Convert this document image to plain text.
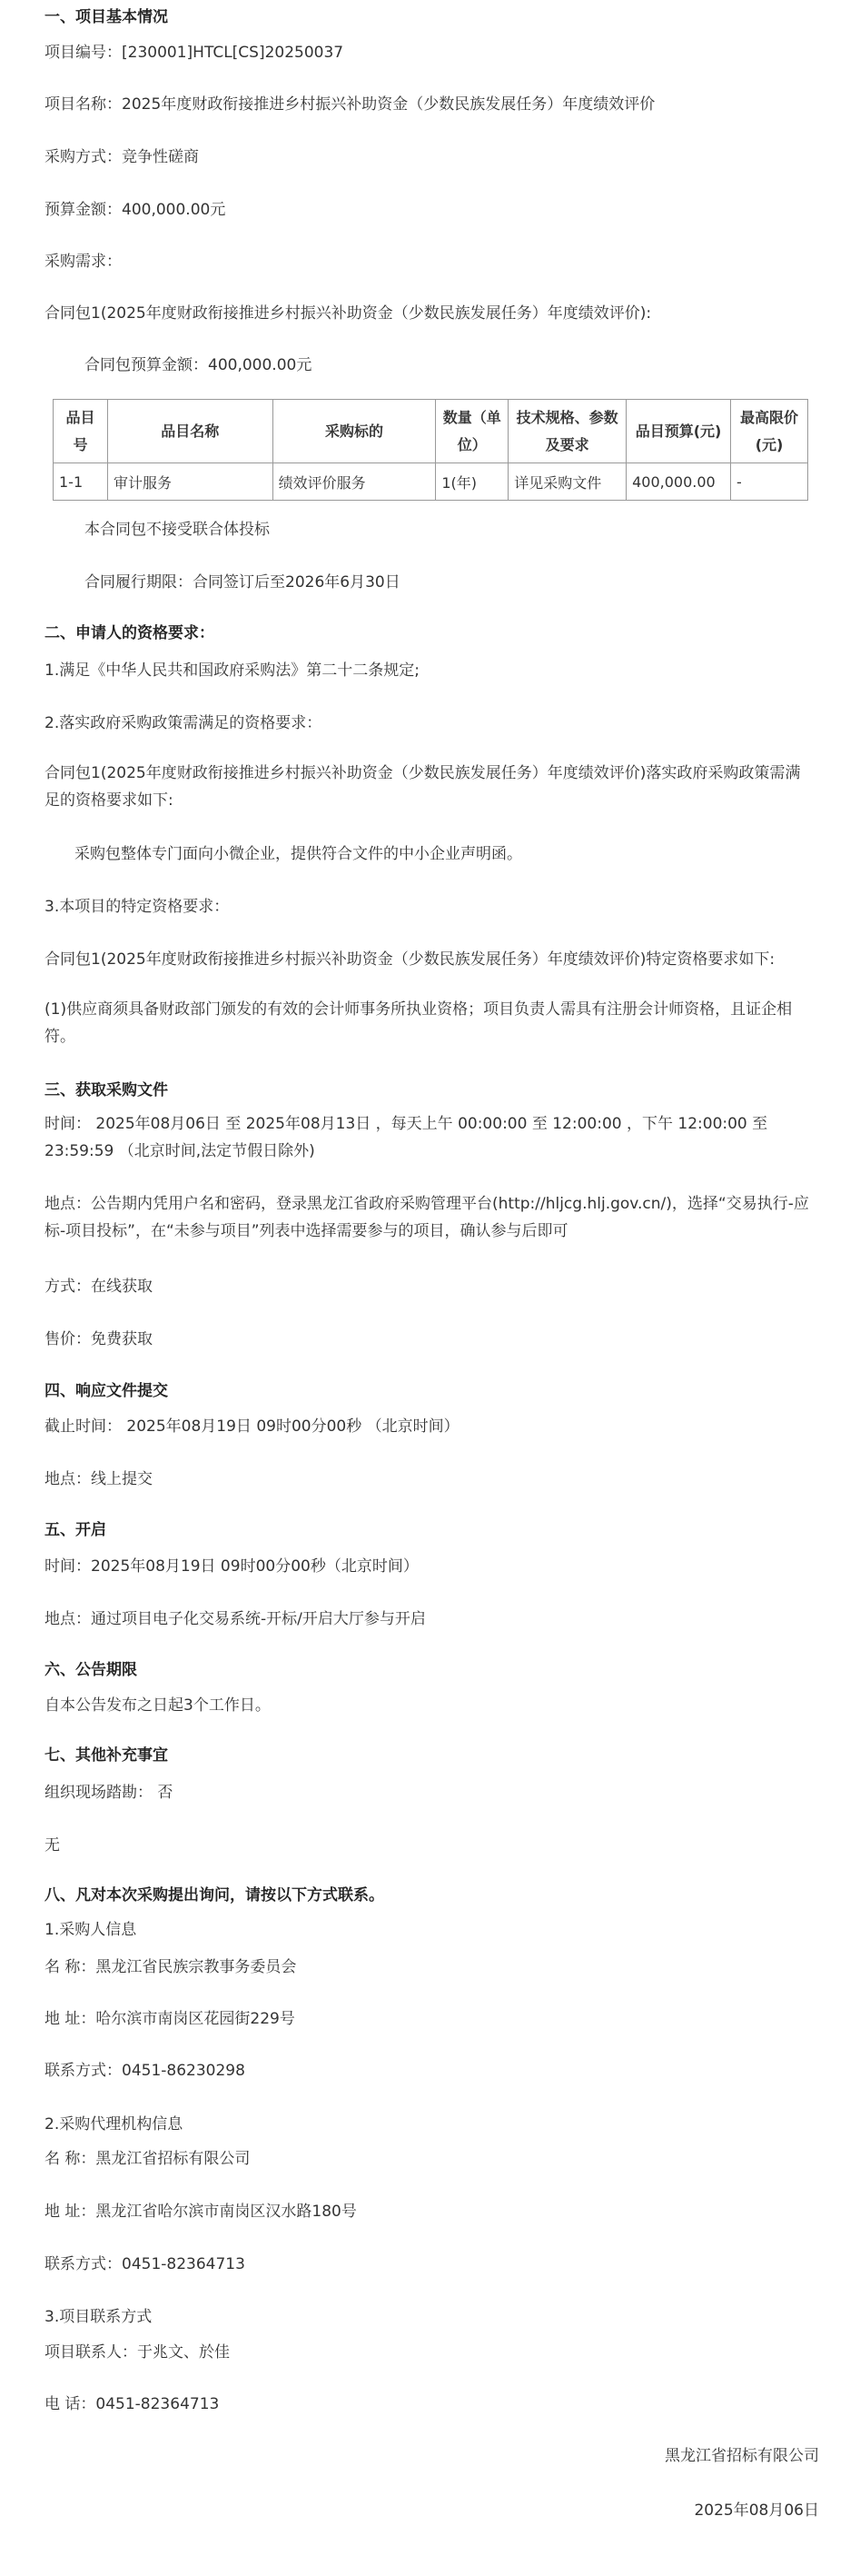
一、项目基本情况
项目编号：[230001]HTCL[CS]20250037
项目名称：2025年度财政衔接推进乡村振兴补助资金（少数民族发展任务）年度绩效评价
采购方式：竞争性磋商
预算金额：400,000.00元
采购需求：
合同包1(2025年度财政衔接推进乡村振兴补助资金（少数民族发展任务）年度绩效评价):
合同包预算金额：400,000.00元
品目号	品目名称	采购标的	数量（单位）	技术规格、参数及要求	品目预算(元)	最高限价(元)
1-1	审计服务	绩效评价服务	1(年)	详见采购文件	400,000.00	-
本合同包不接受联合体投标
合同履行期限：合同签订后至2026年6月30日
二、申请人的资格要求：
1.满足《中华人民共和国政府采购法》第二十二条规定;
2.落实政府采购政策需满足的资格要求：
合同包1(2025年度财政衔接推进乡村振兴补助资金（少数民族发展任务）年度绩效评价)落实政府采购政策需满足的资格要求如下:
采购包整体专门面向小微企业，提供符合文件的中小企业声明函。
3.本项目的特定资格要求：
合同包1(2025年度财政衔接推进乡村振兴补助资金（少数民族发展任务）年度绩效评价)特定资格要求如下:
(1)供应商须具备财政部门颁发的有效的会计师事务所执业资格；项目负责人需具有注册会计师资格，且证企相符。
三、获取采购文件
时间： 2025年08月06日 至 2025年08月13日 ，每天上午 00:00:00 至 12:00:00 ，下午 12:00:00 至 23:59:59 （北京时间,法定节假日除外)
地点：公告期内凭用户名和密码，登录黑龙江省政府采购管理平台(http://hljcg.hlj.gov.cn/)，选择“交易执行-应标-项目投标”，在“未参与项目”列表中选择需要参与的项目，确认参与后即可
方式：在线获取
售价：免费获取
四、响应文件提交
截止时间： 2025年08月19日 09时00分00秒 （北京时间）
地点：线上提交
五、开启
时间：2025年08月19日 09时00分00秒（北京时间）
地点：通过项目电子化交易系统-开标/开启大厅参与开启
六、公告期限
自本公告发布之日起3个工作日。
七、其他补充事宜
组织现场踏勘： 否
无
八、凡对本次采购提出询问，请按以下方式联系。
1.采购人信息
名 称：黑龙江省民族宗教事务委员会
地 址：哈尔滨市南岗区花园街229号
联系方式：0451-86230298
2.采购代理机构信息
名 称：黑龙江省招标有限公司
地 址：黑龙江省哈尔滨市南岗区汉水路180号
联系方式：0451-82364713
3.项目联系方式
项目联系人：于兆文、於佳
电 话：0451-82364713
黑龙江省招标有限公司
2025年08月06日
